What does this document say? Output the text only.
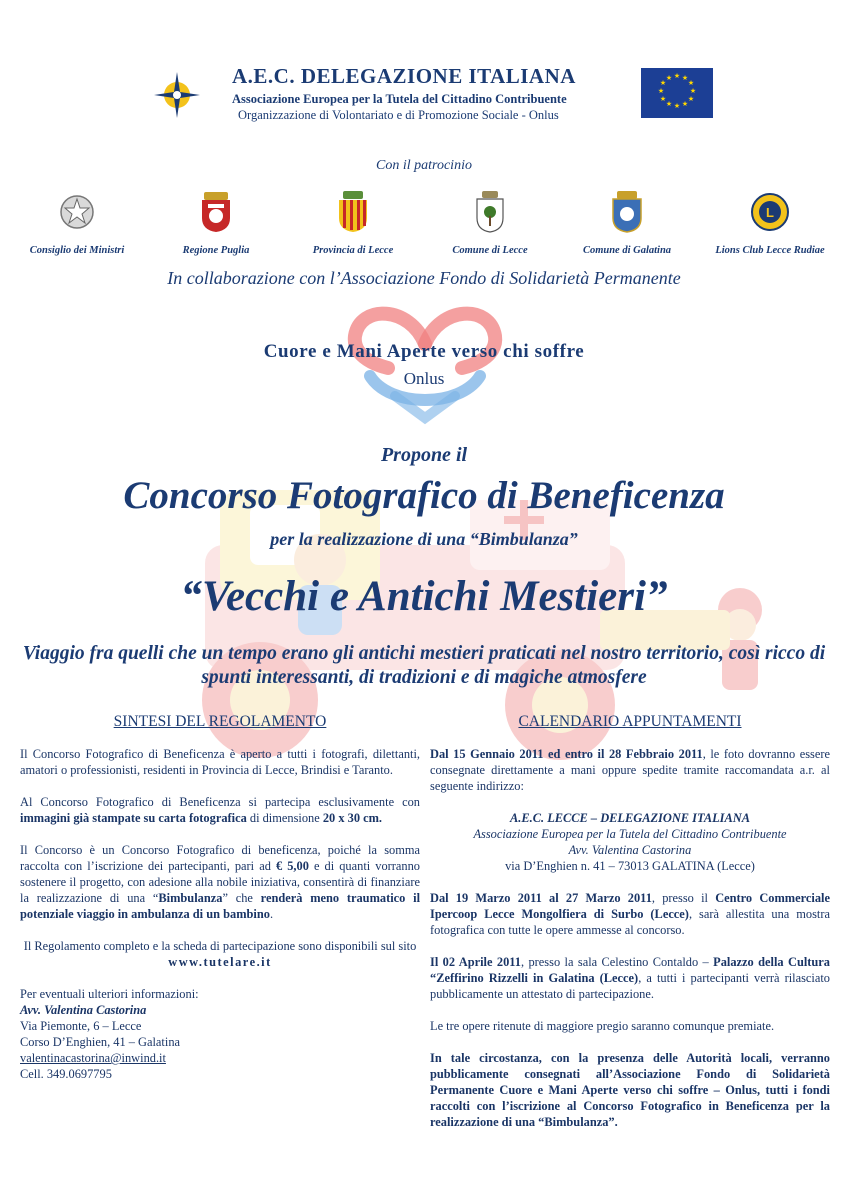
A.E.C. DELEGAZIONE ITALIANA
Associazione Europea per la Tutela del Cittadino Contribuente
Organizzazione di Volontariato e di Promozione Sociale - Onlus
★ ★
★
★
★
★
★
★
★
★
★
★
Con il patrocinio
Consiglio dei Ministri	Regione Puglia	Provincia di Lecce	Comune di Lecce	Comune di Galatina
L
Lions Club Lecce Rudiae
In collaborazione con l’Associazione Fondo di Solidarietà Permanente
Cuore e Mani Aperte verso chi soffre
Onlus
Propone il
Concorso Fotografico di Beneficenza
per la realizzazione di una “Bimbulanza”
“Vecchi e Antichi Mestieri”
Viaggio fra quelli che un tempo erano gli antichi mestieri praticati nel nostro territorio, così ricco di spunti interessanti, di tradizioni e di magiche atmosfere
SINTESI DEL REGOLAMENTO

Il Concorso Fotografico di Beneficenza è aperto a tutti i fotografi, dilettanti, amatori o professionisti, residenti in Provincia di Lecce, Brindisi e Taranto.

Al Concorso Fotografico di Beneficenza si partecipa esclusivamente con immagini già stampate su carta fotografica di dimensione 20 x 30 cm.

Il Concorso è un Concorso Fotografico di beneficenza, poiché la somma raccolta con l’iscrizione dei partecipanti, pari ad € 5,00 e di quanti vorranno sostenere il progetto, con adesione alla nobile iniziativa, consentirà di finanziare la realizzazione di una “Bimbulanza” che renderà meno traumatico il potenziale viaggio in ambulanza di un bambino.

Il Regolamento completo e la scheda di partecipazione sono disponibili sul sito

www.tutelare.it

Per eventuali ulteriori informazioni:

Avv. Valentina Castorina

Via Piemonte, 6 – Lecce

Corso D’Enghien, 41 – Galatina

valentinacastorina@inwind.it

Cell. 349.0697795

CALENDARIO APPUNTAMENTI

Dal 15 Gennaio 2011 ed entro il 28 Febbraio 2011, le foto dovranno essere consegnate direttamente a mani oppure spedite tramite raccomandata a.r. al seguente indirizzo:

A.E.C. LECCE – DELEGAZIONE ITALIANA

Associazione Europea per la Tutela del Cittadino Contribuente

Avv. Valentina Castorina

via D’Enghien n. 41 – 73013 GALATINA (Lecce)

Dal 19 Marzo 2011 al 27 Marzo 2011, presso il Centro Commerciale Ipercoop Lecce Mongolfiera di Surbo (Lecce), sarà allestita una mostra fotografica con tutte le opere ammesse al concorso.

Il 02 Aprile 2011, presso la sala Celestino Contaldo – Palazzo della Cultura “Zeffirino Rizzelli in Galatina (Lecce), a tutti i partecipanti verrà rilasciato pubblicamente un attestato di partecipazione.

Le tre opere ritenute di maggiore pregio saranno comunque premiate.

In tale circostanza, con la presenza delle Autorità locali, verranno pubblicamente consegnati all’Associazione Fondo di Solidarietà Permanente Cuore e Mani Aperte verso chi soffre – Onlus, tutti i fondi raccolti con l’iscrizione al Concorso Fotografico in Beneficenza per la realizzazione di una “Bimbulanza”.
